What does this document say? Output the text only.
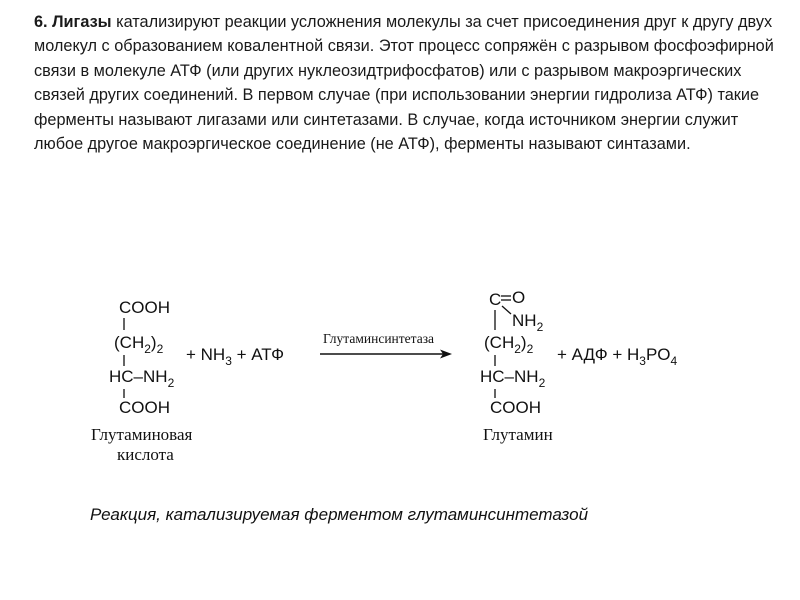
6. Лигазы катализируют реакции усложнения молекулы за счет присоединения друг к другу двух молекул с образованием ковалентной связи. Этот процесс сопряжён с разрывом фосфоэфирной связи в молекуле АТФ (или других нуклеозидтрифосфатов) или с разрывом макроэргических связей других соединений. В первом случае (при использовании энергии гидролиза АТФ) такие ферменты называют лигазами или синтетазами. В случае, когда источником энергии служит любое другое макроэргическое соединение (не АТФ), ферменты называют синтазами.

COOH
$(CH_2)_2$
$HC-NH_2$
COOH
+ $NH_3$ + АТФ
Глутаминсинтетаза
C O
$NH_2$
$(CH_2)_2$
$HC-NH_2$
COOH
+ АДФ + $H_3PO_4$
Глутаминовая
кислота
Глутамин
Реакция, катализируемая ферментом глутаминсинтетазой
